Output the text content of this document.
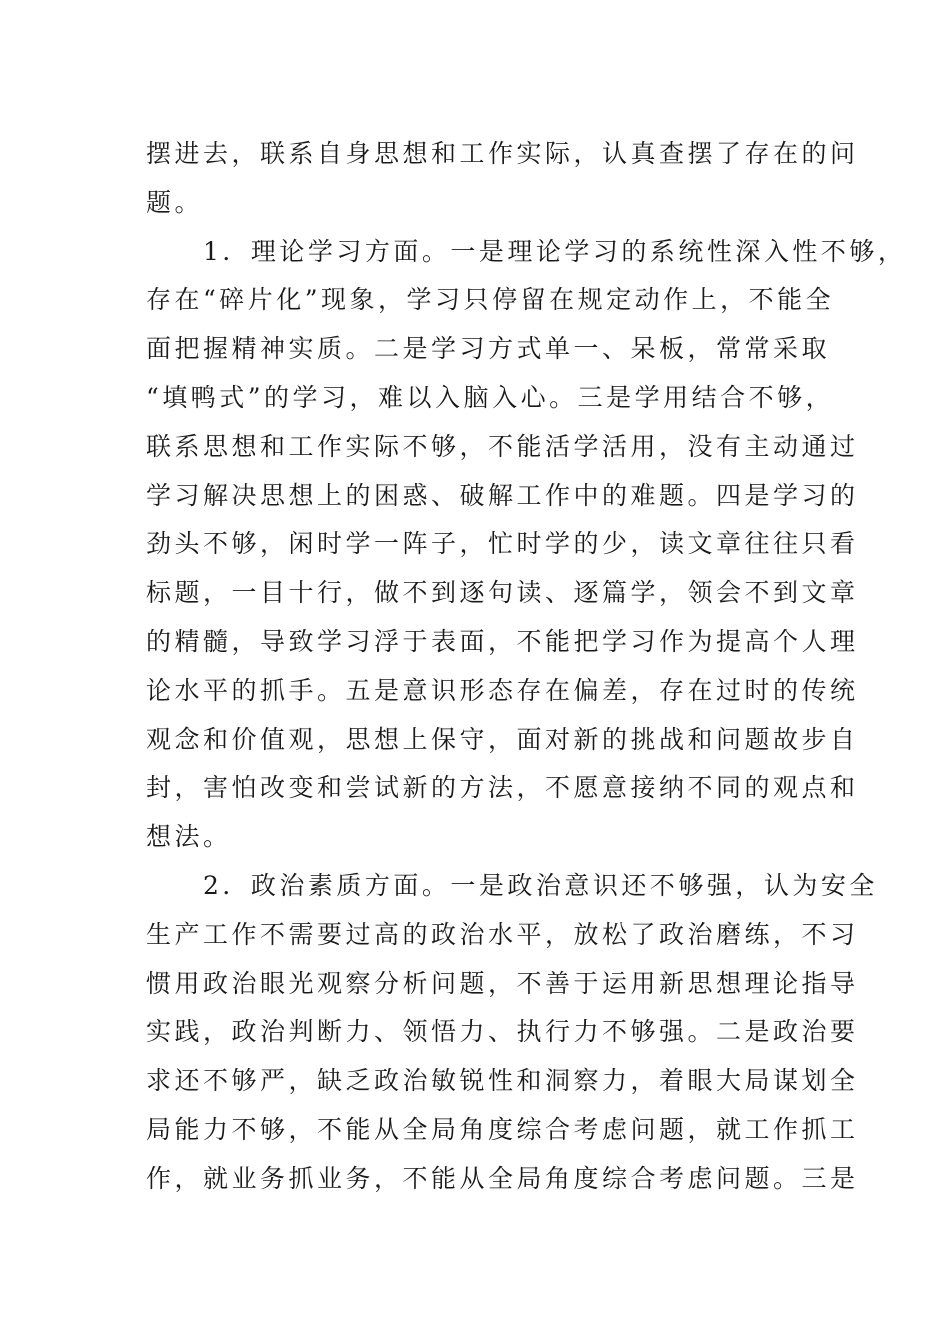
摆进去，联系自身思想和工作实际，认真查摆了存在的问
题。
　　1．理论学习方面。一是理论学习的系统性深入性不够，
存在“碎片化”现象，学习只停留在规定动作上，不能全
面把握精神实质。二是学习方式单一、呆板，常常采取
“填鸭式”的学习，难以入脑入心。三是学用结合不够，
联系思想和工作实际不够，不能活学活用，没有主动通过
学习解决思想上的困惑、破解工作中的难题。四是学习的
劲头不够，闲时学一阵子，忙时学的少，读文章往往只看
标题，一目十行，做不到逐句读、逐篇学，领会不到文章
的精髓，导致学习浮于表面，不能把学习作为提高个人理
论水平的抓手。五是意识形态存在偏差，存在过时的传统
观念和价值观，思想上保守，面对新的挑战和问题故步自
封，害怕改变和尝试新的方法，不愿意接纳不同的观点和
想法。
　　2．政治素质方面。一是政治意识还不够强，认为安全
生产工作不需要过高的政治水平，放松了政治磨练，不习
惯用政治眼光观察分析问题，不善于运用新思想理论指导
实践，政治判断力、领悟力、执行力不够强。二是政治要
求还不够严，缺乏政治敏锐性和洞察力，着眼大局谋划全
局能力不够，不能从全局角度综合考虑问题，就工作抓工
作，就业务抓业务，不能从全局角度综合考虑问题。三是
